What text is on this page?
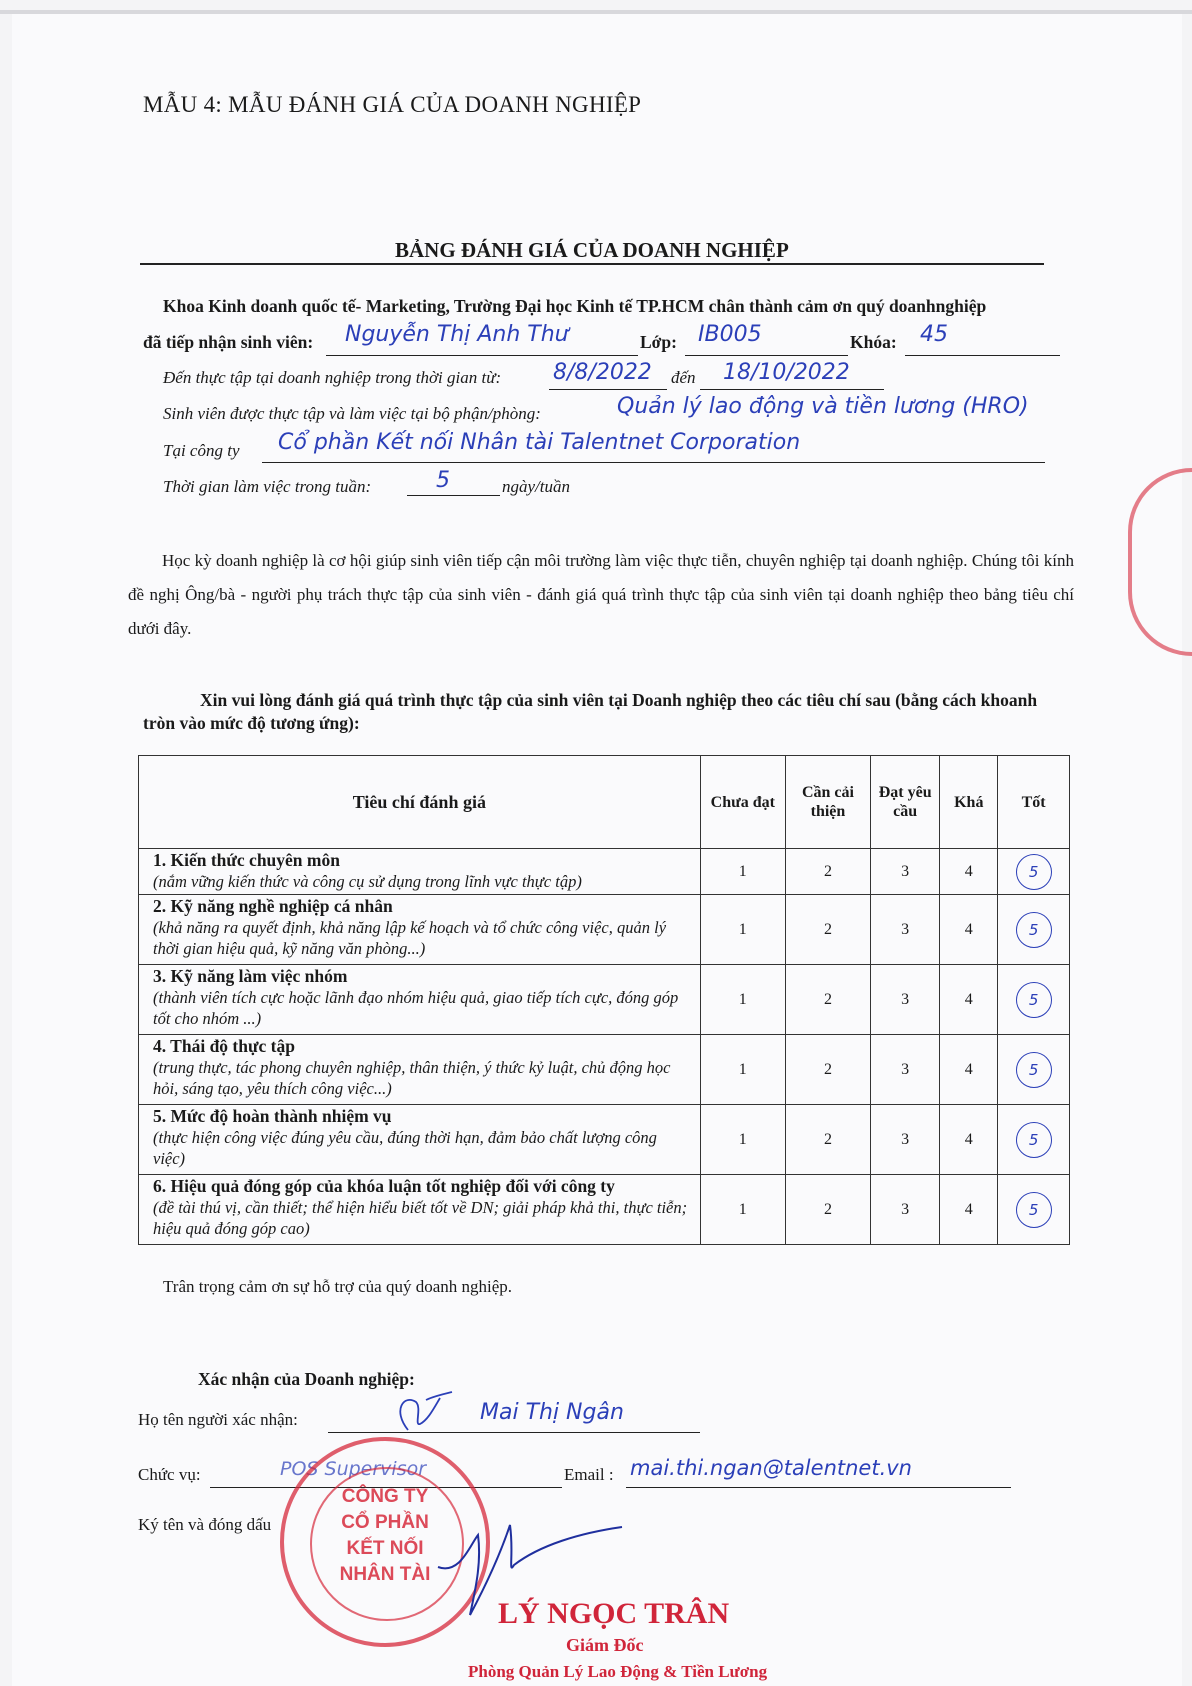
MẪU 4: MẪU ĐÁNH GIÁ CỦA DOANH NGHIỆP
BẢNG ĐÁNH GIÁ CỦA DOANH NGHIỆP
Khoa Kinh doanh quốc tế- Marketing, Trường Đại học Kinh tế TP.HCM chân thành cảm ơn quý doanhnghiệp
đã tiếp nhận sinh viên: Nguyễn Thị Anh Thư	Lớp: IB005	Khóa: 45
Đến thực tập tại doanh nghiệp trong thời gian từ: 8/8/2022 đến 18/10/2022
Sinh viên được thực tập và làm việc tại bộ phận/phòng:	Quản lý lao động và tiền lương (HRO)
Tại công ty Cổ phần Kết nối Nhân tài Talentnet Corporation
Thời gian làm việc trong tuần:	5	ngày/tuần
Học kỳ doanh nghiệp là cơ hội giúp sinh viên tiếp cận môi trường làm việc thực tiễn, chuyên nghiệp tại doanh nghiệp. Chúng tôi kính đề nghị Ông/bà - người phụ trách thực tập của sinh viên - đánh giá quá trình thực tập của sinh viên tại doanh nghiệp theo bảng tiêu chí dưới đây.
Xin vui lòng đánh giá quá trình thực tập của sinh viên tại Doanh nghiệp theo các tiêu chí sau (bằng cách khoanh tròn vào mức độ tương ứng):
Tiêu chí đánh giá	Chưa đạt	Cần cải thiện	Đạt yêu cầu	Khá	Tốt

1. Kiến thức chuyên môn
(nắm vững kiến thức và công cụ sử dụng trong lĩnh vực thực tập)	1	2	3	4	5

2. Kỹ năng nghề nghiệp cá nhân
(khả năng ra quyết định, khả năng lập kế hoạch và tổ chức công việc, quản lý thời gian hiệu quả, kỹ năng văn phòng...)	1	2	3	4	5

3. Kỹ năng làm việc nhóm
(thành viên tích cực hoặc lãnh đạo nhóm hiệu quả, giao tiếp tích cực, đóng góp tốt cho nhóm ...)	1	2	3	4	5

4. Thái độ thực tập
(trung thực, tác phong chuyên nghiệp, thân thiện, ý thức kỷ luật, chủ động học hỏi, sáng tạo, yêu thích công việc...)	1	2	3	4	5

5. Mức độ hoàn thành nhiệm vụ
(thực hiện công việc đúng yêu cầu, đúng thời hạn, đảm bảo chất lượng công việc)	1	2	3	4	5

6. Hiệu quả đóng góp của khóa luận tốt nghiệp đối với công ty
(đề tài thú vị, cần thiết; thể hiện hiểu biết tốt về DN; giải pháp khả thi, thực tiễn; hiệu quả đóng góp cao)	1	2	3	4	5
Trân trọng cảm ơn sự hỗ trợ của quý doanh nghiệp.
Xác nhận của Doanh nghiệp:
Họ tên người xác nhận:	Mai Thị Ngân
Chức vụ:	POS Supervisor	Email : mai.thi.ngan@talentnet.vn
Ký tên và đóng dấu
CÔNG TY
CỔ PHẦN
KẾT NỐI
NHÂN TÀI
LÝ NGỌC TRÂN
Giám Đốc
Phòng Quản Lý Lao Động & Tiền Lương
